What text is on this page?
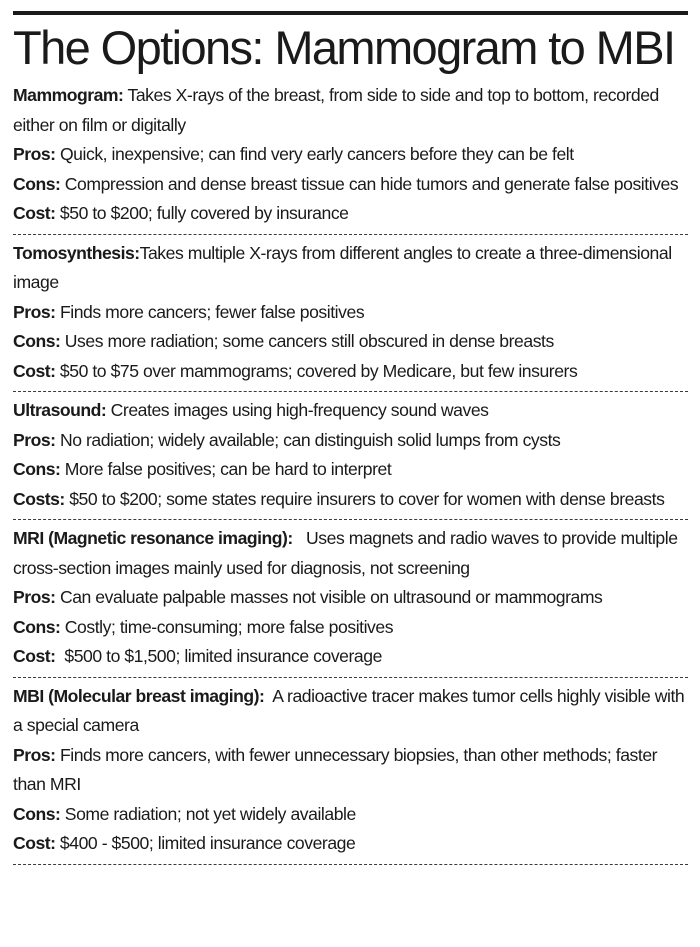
The Options: Mammogram to MBI

Mammogram: Takes X-rays of the breast, from side to side and top to bottom, recorded either on film or digitally

Pros: Quick, inexpensive; can find very early cancers before they can be felt

Cons: Compression and dense breast tissue can hide tumors and generate false positives

Cost: $50 to $200; fully covered by insurance

Tomosynthesis:Takes multiple X-rays from different angles to create a three-dimensional image

Pros: Finds more cancers; fewer false positives

Cons: Uses more radiation; some cancers still obscured in dense breasts

Cost: $50 to $75 over mammograms; covered by Medicare, but few insurers

Ultrasound: Creates images using high-frequency sound waves

Pros: No radiation; widely available; can distinguish solid lumps from cysts

Cons: More false positives; can be hard to interpret

Costs: $50 to $200; some states require insurers to cover for women with dense breasts

MRI (Magnetic resonance imaging): Uses magnets and radio waves to provide multiple cross-section images mainly used for diagnosis, not screening

Pros: Can evaluate palpable masses not visible on ultrasound or mammograms

Cons: Costly; time-consuming; more false positives

Cost: $500 to $1,500; limited insurance coverage

MBI (Molecular breast imaging): A radioactive tracer makes tumor cells highly visible with a special camera

Pros: Finds more cancers, with fewer unnecessary biopsies, than other methods; faster than MRI

Cons: Some radiation; not yet widely available

Cost: $400 - $500; limited insurance coverage
